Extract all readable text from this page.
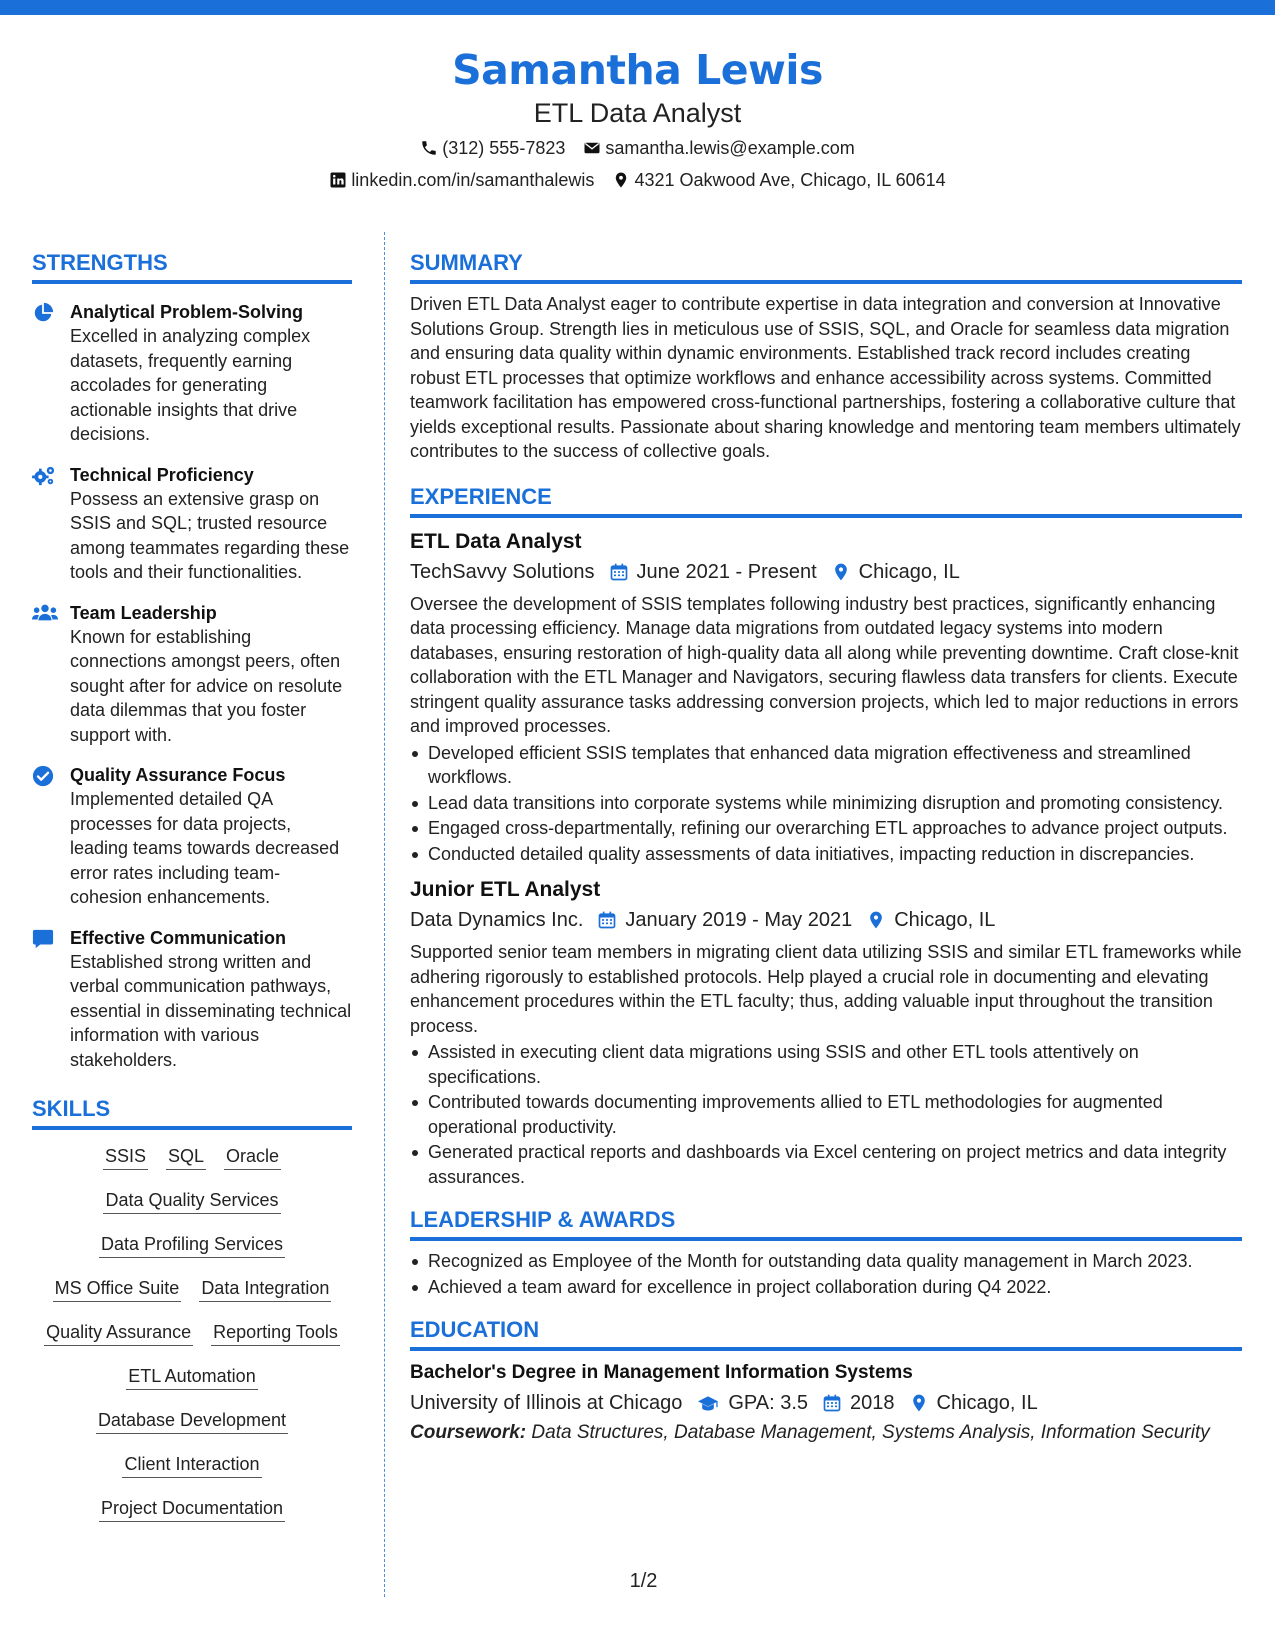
Samantha Lewis
ETL Data Analyst
(312) 555-7823 samantha.lewis@example.com
linkedin.com/in/samanthalewis 4321 Oakwood Ave, Chicago, IL 60614
STRENGTHS
Analytical Problem-Solving
Excelled in analyzing complex datasets, frequently earning accolades for generating actionable insights that drive decisions.
Technical Proficiency
Possess an extensive grasp on SSIS and SQL; trusted resource among teammates regarding these tools and their functionalities.
Team Leadership
Known for establishing connections amongst peers, often sought after for advice on resolute data dilemmas that you foster support with.
Quality Assurance Focus
Implemented detailed QA processes for data projects, leading teams towards decreased error rates including team-cohesion enhancements.
Effective Communication
Established strong written and verbal communication pathways, essential in disseminating technical information with various stakeholders.
SKILLS
SSIS SQL Oracle
Data Quality Services
Data Profiling Services
MS Office Suite Data Integration
Quality Assurance Reporting Tools
ETL Automation
Database Development
Client Interaction
Project Documentation
SUMMARY
Driven ETL Data Analyst eager to contribute expertise in data integration and conversion at Innovative Solutions Group. Strength lies in meticulous use of SSIS, SQL, and Oracle for seamless data migration and ensuring data quality within dynamic environments. Established track record includes creating robust ETL processes that optimize workflows and enhance accessibility across systems. Committed teamwork facilitation has empowered cross-functional partnerships, fostering a collaborative culture that yields exceptional results. Passionate about sharing knowledge and mentoring team members ultimately contributes to the success of collective goals.
EXPERIENCE
ETL Data Analyst
TechSavvy Solutions June 2021 - Present Chicago, IL
Oversee the development of SSIS templates following industry best practices, significantly enhancing data processing efficiency. Manage data migrations from outdated legacy systems into modern databases, ensuring restoration of high-quality data all along while preventing downtime. Craft close-knit collaboration with the ETL Manager and Navigators, securing flawless data transfers for clients. Execute stringent quality assurance tasks addressing conversion projects, which led to major reductions in errors and improved processes.
Developed efficient SSIS templates that enhanced data migration effectiveness and streamlined workflows.
Lead data transitions into corporate systems while minimizing disruption and promoting consistency.
Engaged cross-departmentally, refining our overarching ETL approaches to advance project outputs.
Conducted detailed quality assessments of data initiatives, impacting reduction in discrepancies.
Junior ETL Analyst
Data Dynamics Inc. January 2019 - May 2021 Chicago, IL
Supported senior team members in migrating client data utilizing SSIS and similar ETL frameworks while adhering rigorously to established protocols. Help played a crucial role in documenting and elevating enhancement procedures within the ETL faculty; thus, adding valuable input throughout the transition process.
Assisted in executing client data migrations using SSIS and other ETL tools attentively on specifications.
Contributed towards documenting improvements allied to ETL methodologies for augmented operational productivity.
Generated practical reports and dashboards via Excel centering on project metrics and data integrity assurances.
LEADERSHIP & AWARDS
Recognized as Employee of the Month for outstanding data quality management in March 2023.
Achieved a team award for excellence in project collaboration during Q4 2022.
EDUCATION
Bachelor's Degree in Management Information Systems
University of Illinois at Chicago GPA: 3.5 2018 Chicago, IL
Coursework: Data Structures, Database Management, Systems Analysis, Information Security
1/2
